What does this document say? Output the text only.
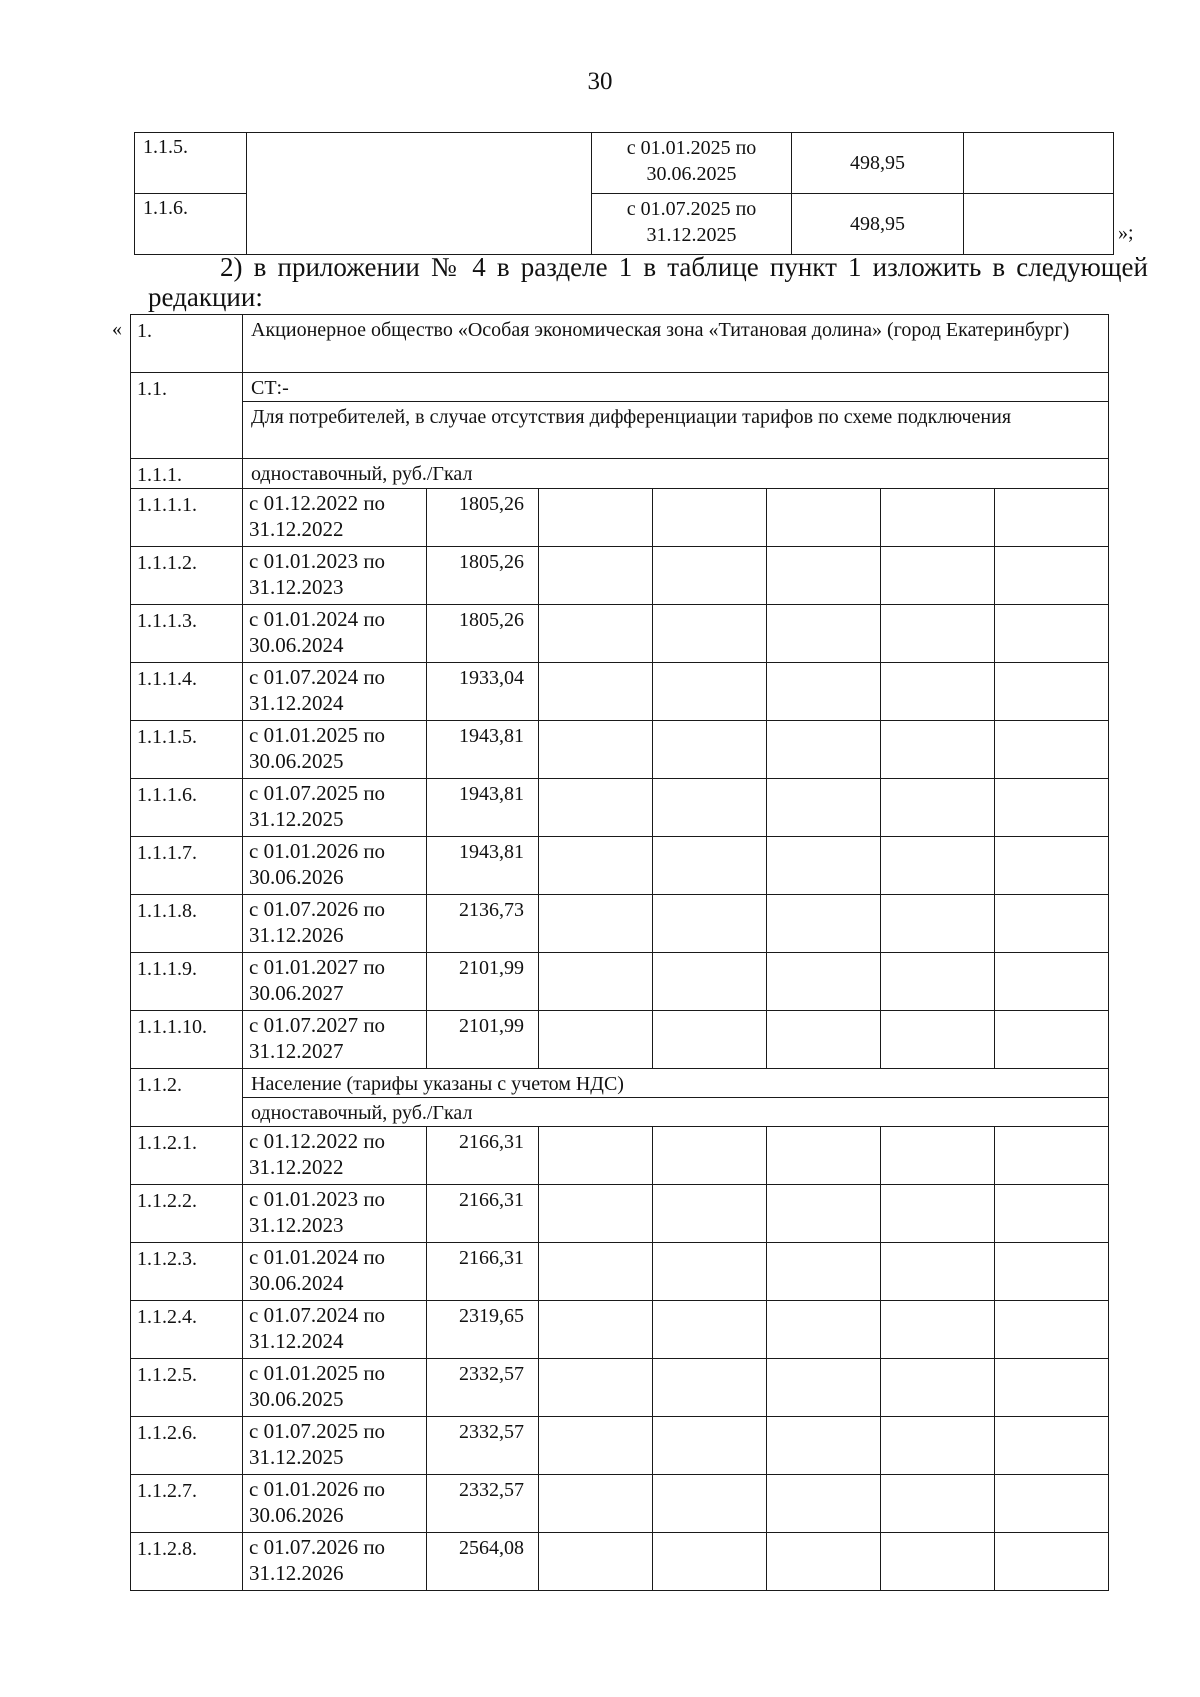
30
1.1.5.		с 01.01.2025 по 30.06.2025	498,95	
1.1.6.		с 01.07.2025 по 31.12.2025	498,95		»;
2) в приложении № 4 в разделе 1 в таблице пункт 1 изложить в следующей
редакции:
« 1.	Акционерное общество «Особая экономическая зона «Титановая долина» (город Екатеринбург)						
1.1.	СТ:-						
	Для потребителей, в случае отсутствия дифференциации тарифов по схеме подключения						
1.1.1.	одноставочный, руб./Гкал						
1.1.1.1.	с 01.12.2022 по 31.12.2022	1805,26					
1.1.1.2.	с 01.01.2023 по 31.12.2023	1805,26					
1.1.1.3.	с 01.01.2024 по 30.06.2024	1805,26					
1.1.1.4.	с 01.07.2024 по 31.12.2024	1933,04					
1.1.1.5.	с 01.01.2025 по 30.06.2025	1943,81					
1.1.1.6.	с 01.07.2025 по 31.12.2025	1943,81					
1.1.1.7.	с 01.01.2026 по 30.06.2026	1943,81					
1.1.1.8.	с 01.07.2026 по 31.12.2026	2136,73					
1.1.1.9.	с 01.01.2027 по 30.06.2027	2101,99					
1.1.1.10.	с 01.07.2027 по 31.12.2027	2101,99					
1.1.2.	Население (тарифы указаны с учетом НДС)						
	одноставочный, руб./Гкал						
1.1.2.1.	с 01.12.2022 по 31.12.2022	2166,31					
1.1.2.2.	с 01.01.2023 по 31.12.2023	2166,31					
1.1.2.3.	с 01.01.2024 по 30.06.2024	2166,31					
1.1.2.4.	с 01.07.2024 по 31.12.2024	2319,65					
1.1.2.5.	с 01.01.2025 по 30.06.2025	2332,57					
1.1.2.6.	с 01.07.2025 по 31.12.2025	2332,57					
1.1.2.7.	с 01.01.2026 по 30.06.2026	2332,57					
1.1.2.8.	с 01.07.2026 по 31.12.2026	2564,08					
